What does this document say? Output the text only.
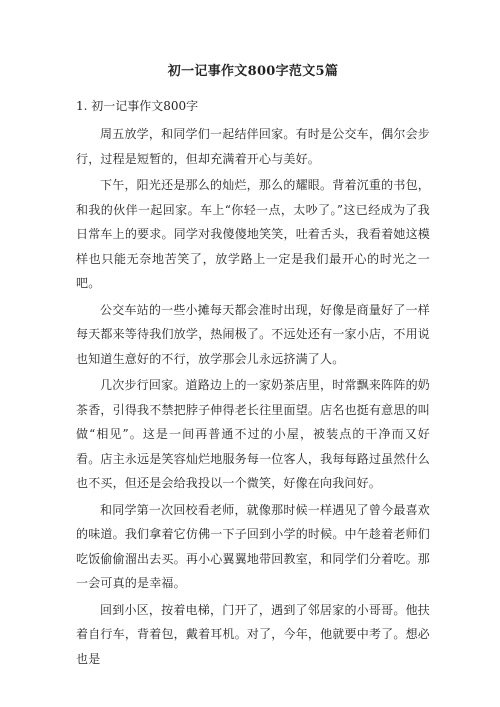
初一记事作文800字范文5篇
1. 初一记事作文800字

周五放学，和同学们一起结伴回家。有时是公交车，偶尔会步行，过程是短暂的，但却充满着开心与美好。

下午，阳光还是那么的灿烂，那么的耀眼。背着沉重的书包，和我的伙伴一起回家。车上“你轻一点，太吵了。”这已经成为了我日常车上的要求。同学对我傻傻地笑笑，吐着舌头，我看着她这模样也只能无奈地苦笑了，放学路上一定是我们最开心的时光之一吧。

公交车站的一些小摊每天都会准时出现，好像是商量好了一样每天都来等待我们放学，热闹极了。不远处还有一家小店，不用说也知道生意好的不行，放学那会儿永远挤满了人。

几次步行回家。道路边上的一家奶茶店里，时常飘来阵阵的奶茶香，引得我不禁把脖子伸得老长往里面望。店名也挺有意思的叫做“相见”。这是一间再普通不过的小屋，被装点的干净而又好看。店主永远是笑容灿烂地服务每一位客人，我每每路过虽然什么也不买，但还是会给我投以一个微笑，好像在向我问好。

和同学第一次回校看老师，就像那时候一样遇见了曾今最喜欢的味道。我们拿着它仿佛一下子回到小学的时候。中午趁着老师们吃饭偷偷溜出去买。再小心翼翼地带回教室，和同学们分着吃。那一会可真的是幸福。

回到小区，按着电梯，门开了，遇到了邻居家的小哥哥。他扶着自行车，背着包，戴着耳机。对了，今年，他就要中考了。想必也是
